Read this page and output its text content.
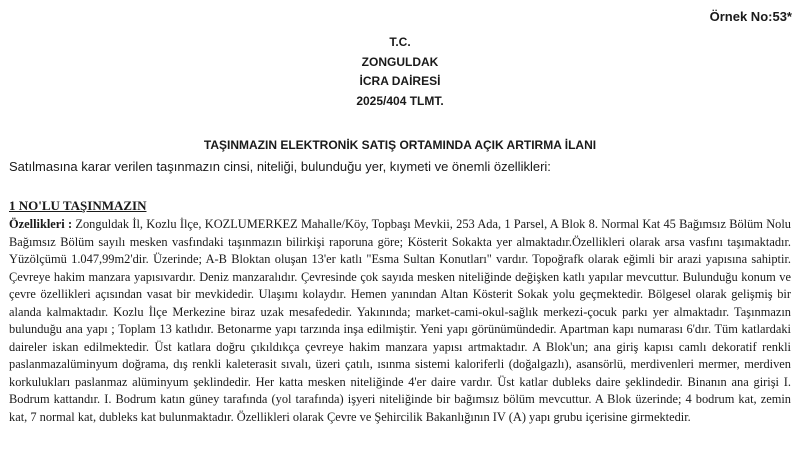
Örnek No:53*
T.C.
ZONGULDAK
İCRA DAİRESİ
2025/404 TLMT.
TAŞINMAZIN ELEKTRONİK SATIŞ ORTAMINDA AÇIK ARTIRMA İLANI
Satılmasına karar verilen taşınmazın cinsi, niteliği, bulunduğu yer, kıymeti ve önemli özellikleri:
1 NO'LU TAŞINMAZIN
Özellikleri : Zonguldak İl, Kozlu İlçe, KOZLUMERKEZ Mahalle/Köy, Topbaşı Mevkii, 253 Ada, 1 Parsel, A Blok 8. Normal Kat 45 Bağımsız Bölüm Nolu Bağımsız Bölüm sayılı mesken vasfındaki taşınmazın bilirkişi raporuna göre; Kösterit Sokakta yer almaktadır.Özellikleri olarak arsa vasfını taşımaktadır. Yüzölçümü 1.047,99m2'dir. Üzerinde; A-B Bloktan oluşan 13'er katlı "Esma Sultan Konutları" vardır. Topoğrafk olarak eğimli bir arazi yapısına sahiptir. Çevreye hakim manzara yapısıvardır. Deniz manzaralıdır. Çevresinde çok sayıda mesken niteliğinde değişken katlı yapılar mevcuttur. Bulunduğu konum ve çevre özellikleri açısından vasat bir mevkidedir. Ulaşımı kolaydır. Hemen yanından Altan Kösterit Sokak yolu geçmektedir. Bölgesel olarak gelişmiş bir alanda kalmaktadır. Kozlu İlçe Merkezine biraz uzak mesafededir. Yakınında; market-cami-okul-sağlık merkezi-çocuk parkı yer almaktadır. Taşınmazın bulunduğu ana yapı ; Toplam 13 katlıdır. Betonarme yapı tarzında inşa edilmiştir. Yeni yapı görünümündedir. Apartman kapı numarası 6'dır. Tüm katlardaki daireler iskan edilmektedir. Üst katlara doğru çıkıldıkça çevreye hakim manzara yapısı artmaktadır. A Blok'un; ana giriş kapısı camlı dekoratif renkli paslanmazalüminyum doğrama, dış renkli kaleterasit sıvalı, üzeri çatılı, ısınma sistemi kaloriferli (doğalgazlı), asansörlü, merdivenleri mermer, merdiven korkulukları paslanmaz alüminyum şeklindedir. Her katta mesken niteliğinde 4'er daire vardır. Üst katlar dubleks daire şeklindedir. Binanın ana girişi I. Bodrum kattandır. I. Bodrum katın güney tarafında (yol tarafında) işyeri niteliğinde bir bağımsız bölüm mevcuttur. A Blok üzerinde; 4 bodrum kat, zemin kat, 7 normal kat, dubleks kat bulunmaktadır. Özellikleri olarak Çevre ve Şehircilik Bakanlığının IV (A) yapı grubu içerisine girmektedir.
